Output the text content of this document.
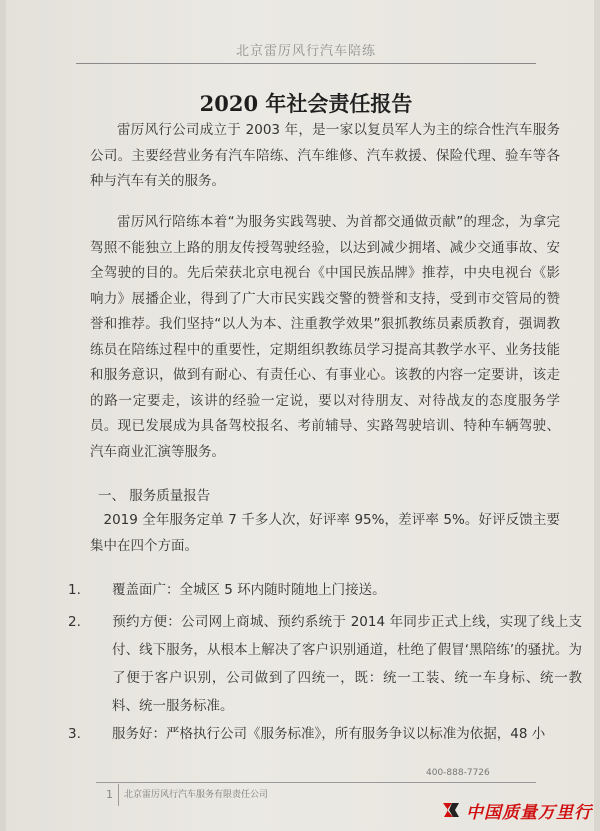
北京雷厉风行汽车陪练
2020 年社会责任报告
雷厉风行公司成立于 2003 年，是一家以复员军人为主的综合性汽车服务公司。主要经营业务有汽车陪练、汽车维修、汽车救援、保险代理、验车等各种与汽车有关的服务。
雷厉风行陪练本着“为服务实践驾驶、为首都交通做贡献”的理念，为拿完驾照不能独立上路的朋友传授驾驶经验，以达到减少拥堵、减少交通事故、安全驾驶的目的。先后荣获北京电视台《中国民族品牌》推荐，中央电视台《影响力》展播企业，得到了广大市民实践交警的赞誉和支持，受到市交管局的赞誉和推荐。我们坚持“以人为本、注重教学效果”狠抓教练员素质教育，强调教练员在陪练过程中的重要性，定期组织教练员学习提高其教学水平、业务技能和服务意识，做到有耐心、有责任心、有事业心。该教的内容一定要讲，该走的路一定要走，该讲的经验一定说，要以对待朋友、对待战友的态度服务学员。现已发展成为具备驾校报名、考前辅导、实路驾驶培训、特种车辆驾驶、汽车商业汇演等服务。
一、 服务质量报告
2019 全年服务定单 7 千多人次，好评率 95%，差评率 5%。好评反馈主要集中在四个方面。
1. 覆盖面广：全城区 5 环内随时随地上门接送。
2. 预约方便：公司网上商城、预约系统于 2014 年同步正式上线，实现了线上支付、线下服务，从根本上解决了客户识别通道，杜绝了假冒‘黑陪练’的骚扰。为了便于客户识别，公司做到了四统一，既：统一工装、统一车身标、统一教料、统一服务标准。
3. 服务好：严格执行公司《服务标准》，所有服务争议以标准为依据，48 小
400-888-7726
1 北京雷厉风行汽车服务有限责任公司
中国质量万里行
